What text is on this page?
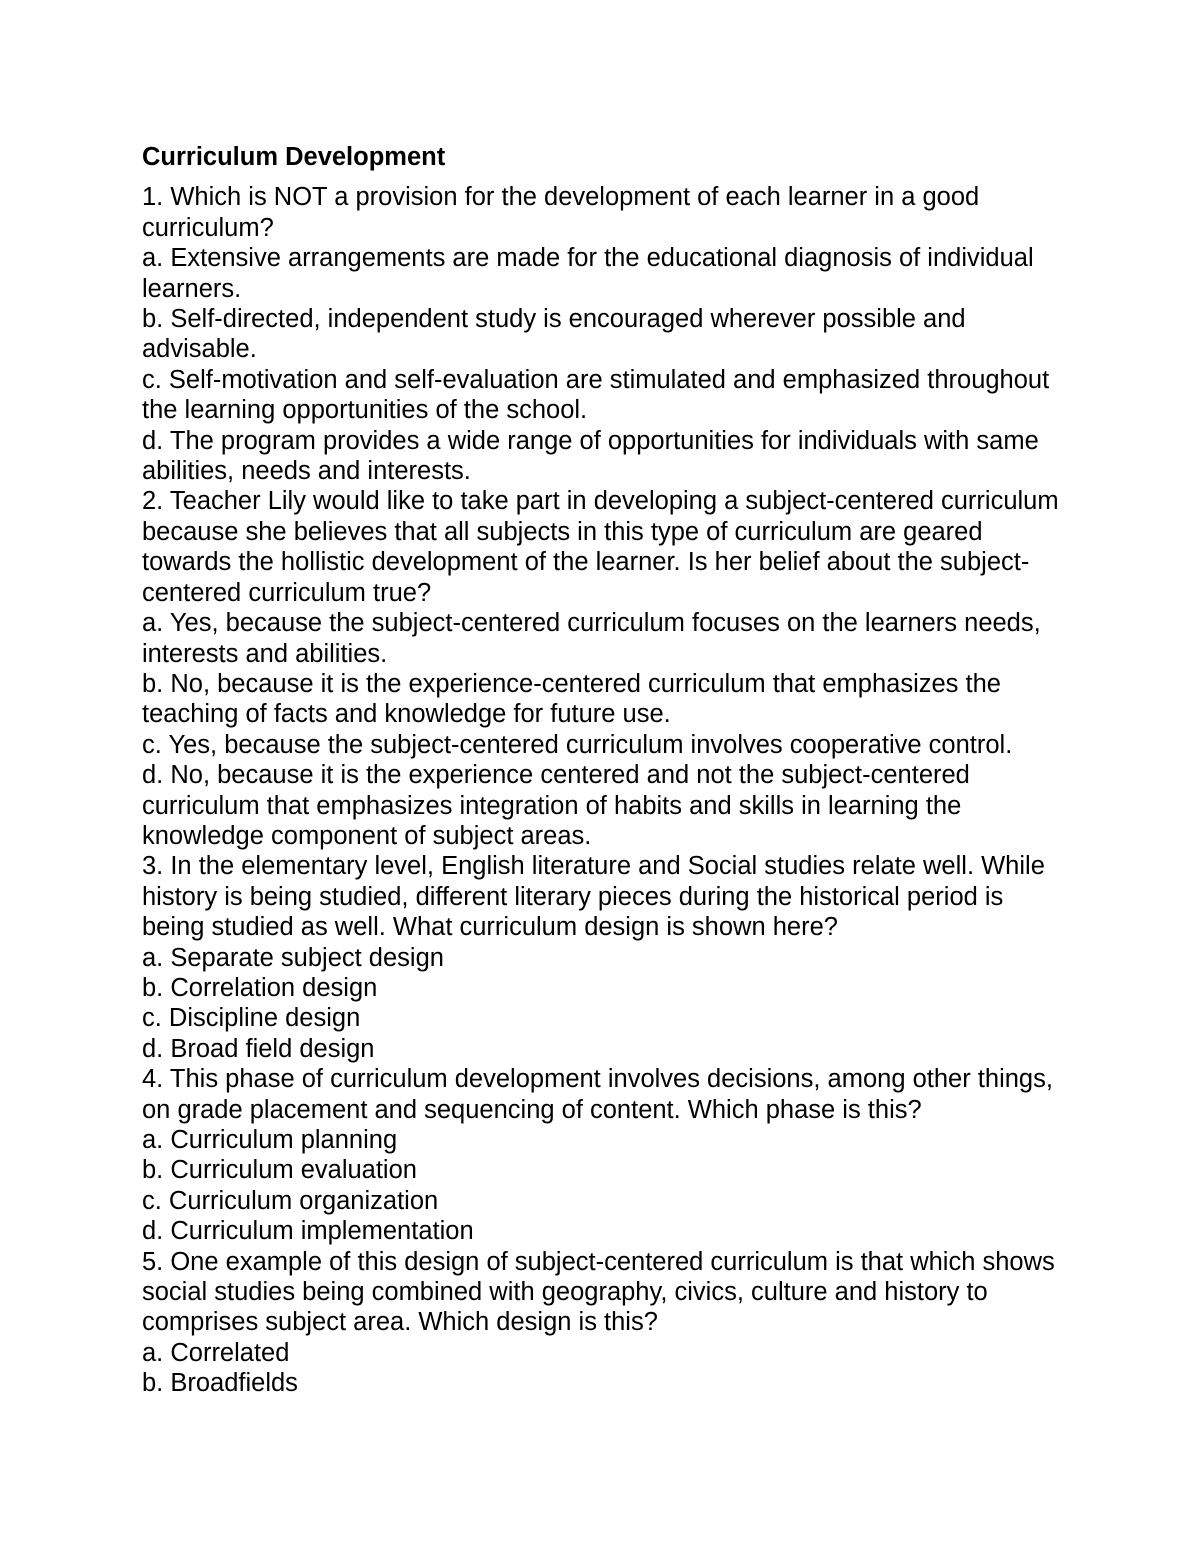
Curriculum Development
1. Which is NOT a provision for the development of each learner in a good curriculum?
a. Extensive arrangements are made for the educational diagnosis of individual learners.
b. Self-directed, independent study is encouraged wherever possible and advisable.
c. Self-motivation and self-evaluation are stimulated and emphasized throughout the learning opportunities of the school.
d. The program provides a wide range of opportunities for individuals with same abilities, needs and interests.
2. Teacher Lily would like to take part in developing a subject-centered curriculum because she believes that all subjects in this type of curriculum are geared towards the hollistic development of the learner. Is her belief about the subject-centered curriculum true?
a. Yes, because the subject-centered curriculum focuses on the learners needs, interests and abilities.
b. No, because it is the experience-centered curriculum that emphasizes the teaching of facts and knowledge for future use.
c. Yes, because the subject-centered curriculum involves cooperative control.
d. No, because it is the experience centered and not the subject-centered curriculum that emphasizes integration of habits and skills in learning the knowledge component of subject areas.
3. In the elementary level, English literature and Social studies relate well. While history is being studied, different literary pieces during the historical period is being studied as well. What curriculum design is shown here?
a. Separate subject design
b. Correlation design
c. Discipline design
d. Broad field design
4. This phase of curriculum development involves decisions, among other things, on grade placement and sequencing of content. Which phase is this?
a. Curriculum planning
b. Curriculum evaluation
c. Curriculum organization
d. Curriculum implementation
5. One example of this design of subject-centered curriculum is that which shows social studies being combined with geography, civics, culture and history to comprises subject area. Which design is this?
a. Correlated
b. Broadfields
